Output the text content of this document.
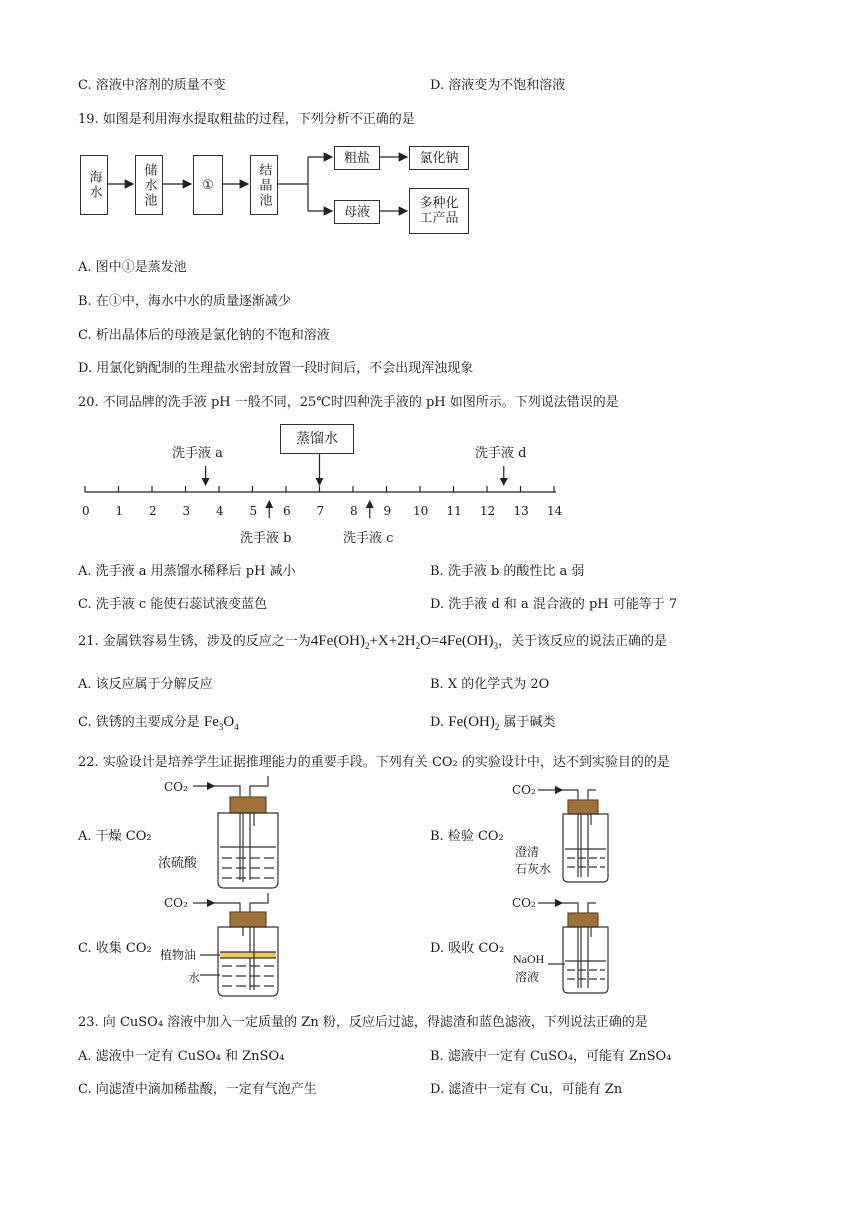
C. 溶液中溶剂的质量不变	D. 溶液变为不饱和溶液
19. 如图是利用海水提取粗盐的过程，下列分析不正确的是
海水	储水池	①	结晶池
粗盐	氯化钠
母液
多种化
工产品
A. 图中①是蒸发池
B. 在①中，海水中水的质量逐渐减少
C. 析出晶体后的母液是氯化钠的不饱和溶液
D. 用氯化钠配制的生理盐水密封放置一段时间后，不会出现浑浊现象
20. 不同品牌的洗手液 pH 一般不同，25℃时四种洗手液的 pH 如图所示。下列说法错误的是
蒸馏水
洗手液 a	洗手液 d
洗手液 b	洗手液 c
0 1 2 3 4 5 6 7 8 9 10 11 12 13 14
A. 洗手液 a 用蒸馏水稀释后 pH 减小	B. 洗手液 b 的酸性比 a 弱
C. 洗手液 c 能使石蕊试液变蓝色	D. 洗手液 d 和 a 混合液的 pH 可能等于 7
21. 金属铁容易生锈，涉及的反应之一为$4Fe(OH)_2+X+2H_2O=4Fe(OH)_3$，关于该反应的说法正确的是
A. 该反应属于分解反应	B. X 的化学式为 2O
C. 铁锈的主要成分是 $Fe_3O_4$	D. $Fe(OH)_2$ 属于碱类
22. 实验设计是培养学生证据推理能力的重要手段。下列有关 CO₂ 的实验设计中，达不到实验目的的是
A. 干燥 CO₂	B. 检验 CO₂
C. 收集 CO₂	D. 吸收 CO₂
CO₂
浓硫酸
CO₂
澄清
石灰水
CO₂
植物油
水
CO₂
NaOH
溶液
23. 向 CuSO₄ 溶液中加入一定质量的 Zn 粉，反应后过滤，得滤渣和蓝色滤液，下列说法正确的是
A. 滤液中一定有 CuSO₄ 和 ZnSO₄	B. 滤液中一定有 CuSO₄，可能有 ZnSO₄
C. 向滤渣中滴加稀盐酸，一定有气泡产生	D. 滤渣中一定有 Cu，可能有 Zn
